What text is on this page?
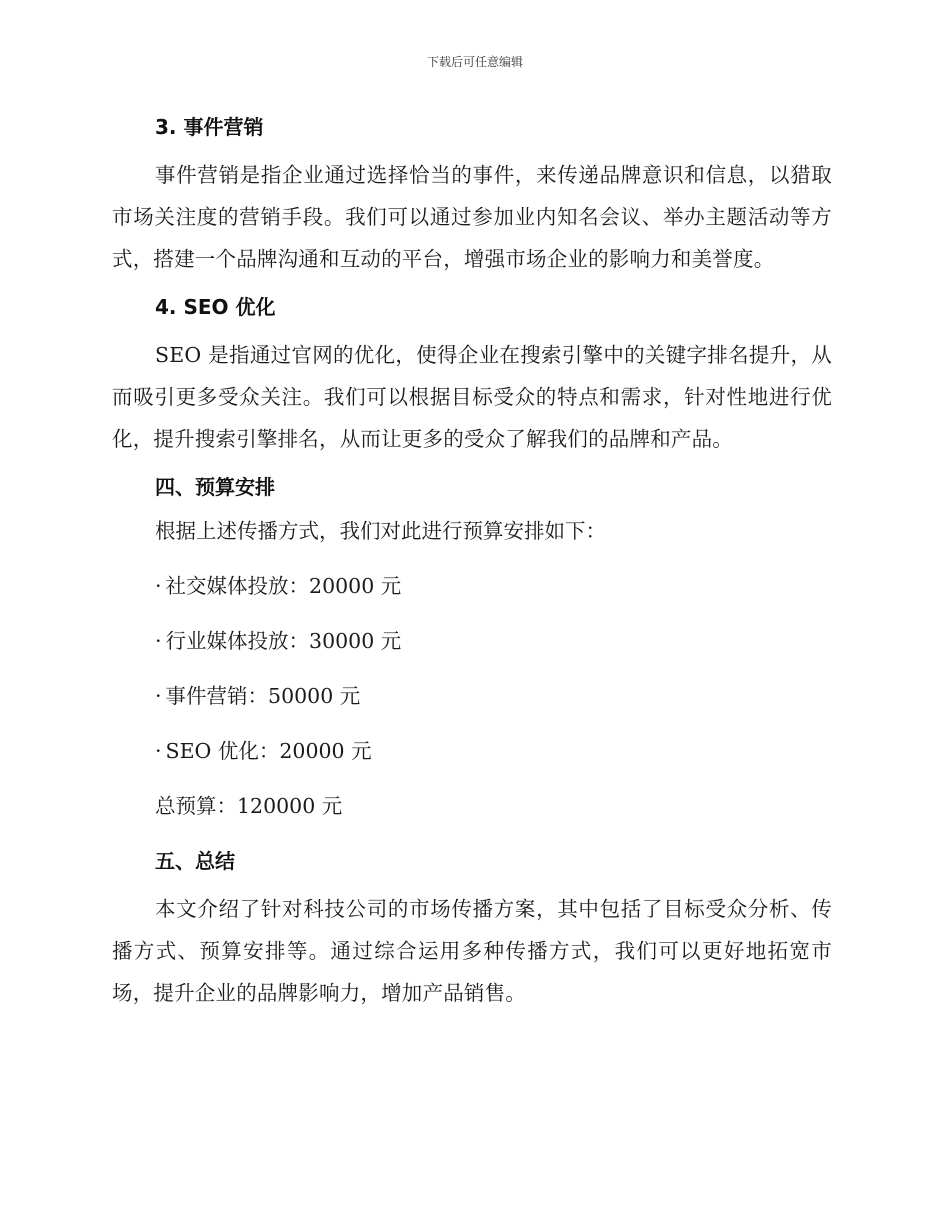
下载后可任意编辑
3. 事件营销

事件营销是指企业通过选择恰当的事件，来传递品牌意识和信息，以猎取市场关注度的营销手段。我们可以通过参加业内知名会议、举办主题活动等方式，搭建一个品牌沟通和互动的平台，增强市场企业的影响力和美誉度。

4. SEO 优化

SEO 是指通过官网的优化，使得企业在搜索引擎中的关键字排名提升，从而吸引更多受众关注。我们可以根据目标受众的特点和需求，针对性地进行优化，提升搜索引擎排名，从而让更多的受众了解我们的品牌和产品。

四、预算安排
根据上述传播方式，我们对此进行预算安排如下：
· 社交媒体投放：20000 元
· 行业媒体投放：30000 元
· 事件营销：50000 元
· SEO 优化：20000 元
总预算：120000 元
五、总结

本文介绍了针对科技公司的市场传播方案，其中包括了目标受众分析、传播方式、预算安排等。通过综合运用多种传播方式，我们可以更好地拓宽市场，提升企业的品牌影响力，增加产品销售。
